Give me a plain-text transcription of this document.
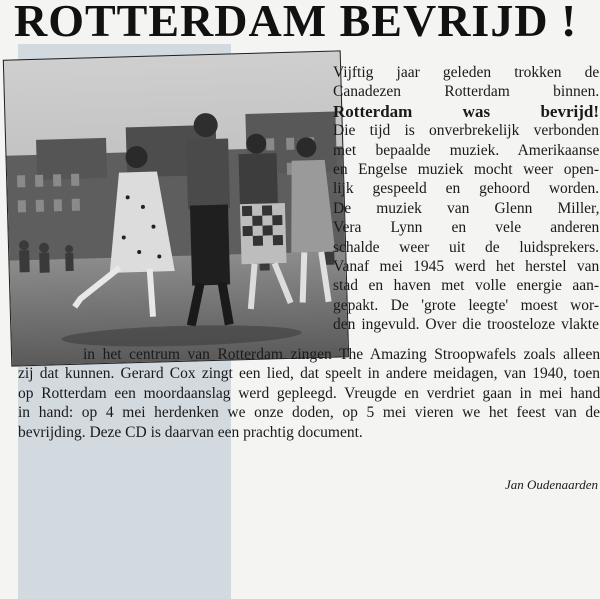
ROTTERDAM BEVRIJD !
Vijftig jaar geleden trokken de
Canadezen Rotterdam binnen.
Rotterdam was bevrijd!
Die tijd is onverbrekelijk verbonden
met bepaalde muziek. Amerikaanse
en Engelse muziek mocht weer open-
lijk gespeeld en gehoord worden.
De muziek van Glenn Miller,
Vera Lynn en vele anderen
schalde weer uit de luidsprekers.
Vanaf mei 1945 werd het herstel van
stad en haven met volle energie aan-
gepakt. De 'grote leegte' moest wor-
den ingevuld. Over die troosteloze vlakte
in het centrum van Rotterdam zingen The Amazing Stroopwafels zoals alleen
zij dat kunnen. Gerard Cox zingt een lied, dat speelt in andere meidagen, van 1940, toen
op Rotterdam een moordaanslag werd gepleegd. Vreugde en verdriet gaan in mei hand
in hand: op 4 mei herdenken we onze doden, op 5 mei vieren we het feest van de
bevrijding. Deze CD is daarvan een prachtig document.
Jan Oudenaarden
